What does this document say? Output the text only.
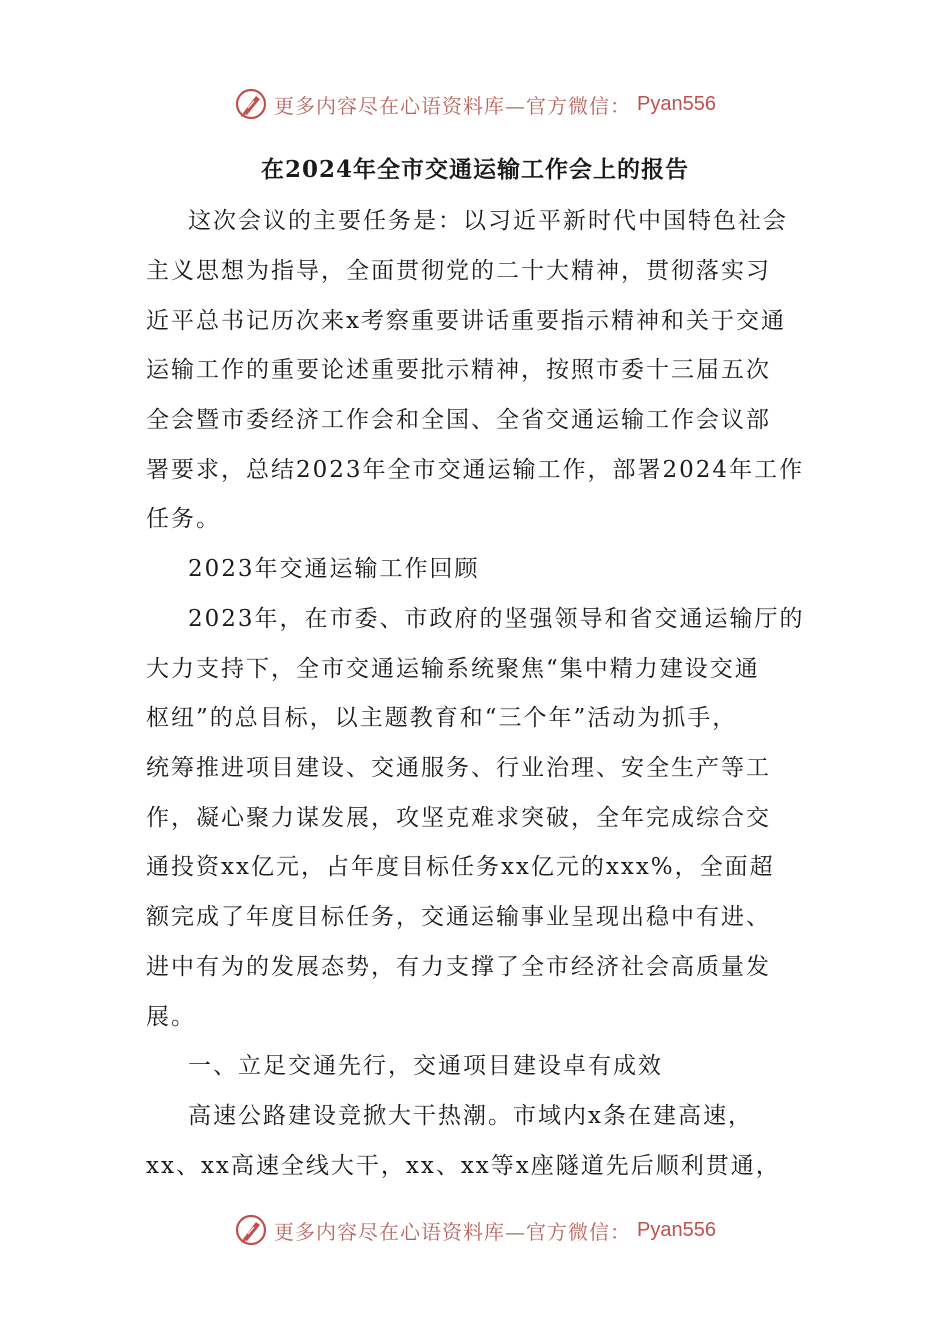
更多内容尽在心语资料库—官方微信： Pyan556
在2024年全市交通运输工作会上的报告
这次会议的主要任务是：以习近平新时代中国特色社会
主义思想为指导，全面贯彻党的二十大精神，贯彻落实习
近平总书记历次来x考察重要讲话重要指示精神和关于交通
运输工作的重要论述重要批示精神，按照市委十三届五次
全会暨市委经济工作会和全国、全省交通运输工作会议部
署要求，总结2023年全市交通运输工作，部署2024年工作
任务。
2023年交通运输工作回顾
2023年，在市委、市政府的坚强领导和省交通运输厅的
大力支持下，全市交通运输系统聚焦“集中精力建设交通
枢纽”的总目标，以主题教育和“三个年”活动为抓手，
统筹推进项目建设、交通服务、行业治理、安全生产等工
作，凝心聚力谋发展，攻坚克难求突破，全年完成综合交
通投资xx亿元，占年度目标任务xx亿元的xxx%，全面超
额完成了年度目标任务，交通运输事业呈现出稳中有进、
进中有为的发展态势，有力支撑了全市经济社会高质量发
展。
一、立足交通先行，交通项目建设卓有成效
高速公路建设竞掀大干热潮。市域内x条在建高速，
xx、xx高速全线大干，xx、xx等x座隧道先后顺利贯通，
更多内容尽在心语资料库—官方微信： Pyan556
